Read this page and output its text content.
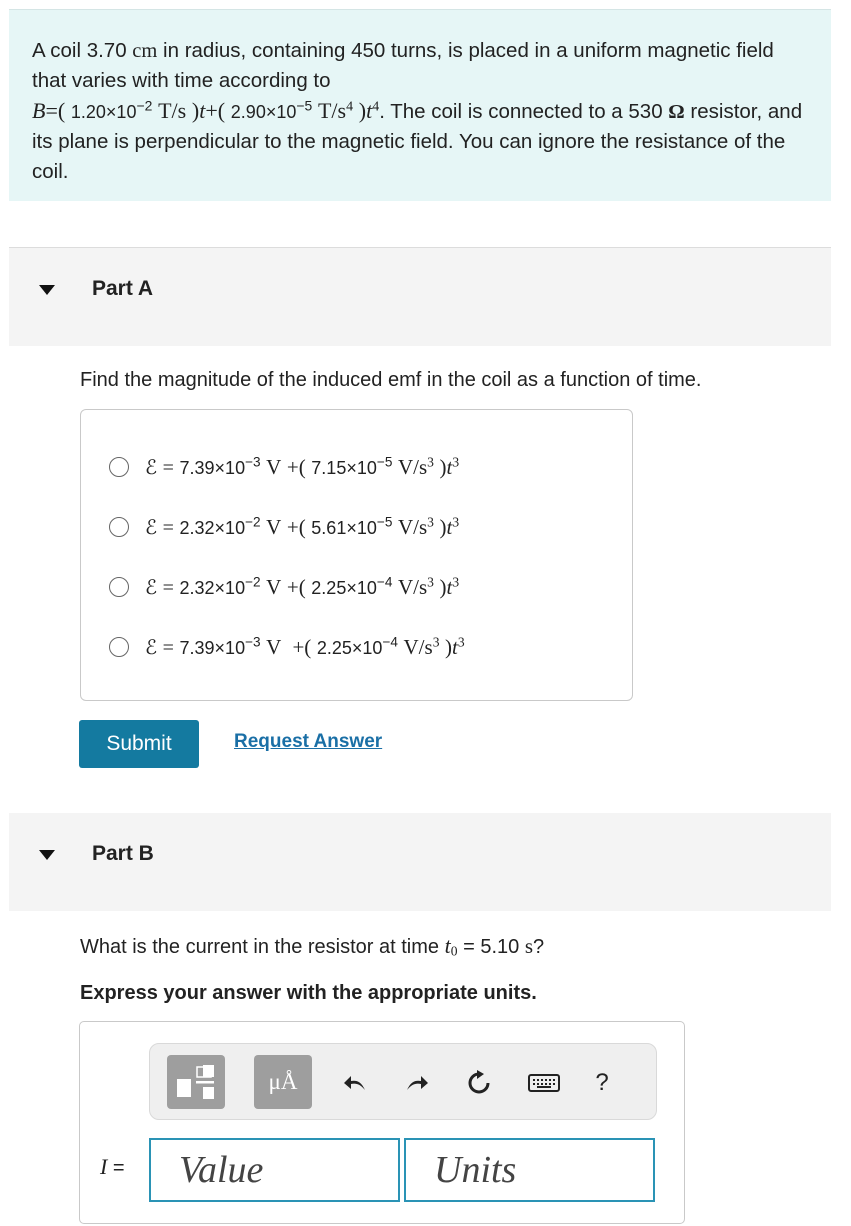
A coil 3.70 cm in radius, containing 450 turns, is placed in a uniform magnetic field that varies with time according to
B=( $1.20\times 10^{-2}$ T/s )t+( $2.90\times 10^{-5}$ $T/s^4$ )$t^4$. The coil is connected to a 530 Ω resistor, and its plane is perpendicular to the magnetic field. You can ignore the resistance of the coil.

Part A
Find the magnitude of the induced emf in the coil as a function of time.
ℰ = $7.39\times 10^{-3}$ V +( $7.15\times 10^{-5}$ $V/s^3$ )$t^3$
ℰ = $2.32\times 10^{-2}$ V +( $5.61\times 10^{-5}$ $V/s^3$ )$t^3$
ℰ = $2.32\times 10^{-2}$ V +( $2.25\times 10^{-4}$ $V/s^3$ )$t^3$
ℰ = $7.39\times 10^{-3}$ V +( $2.25\times 10^{-4}$ $V/s^3$ )$t^3$
Submit	Request Answer
Part B
What is the current in the resistor at time $t_0 = 5.10$ s?
Express your answer with the appropriate units.
μÅ	?
I =
Value
Units
